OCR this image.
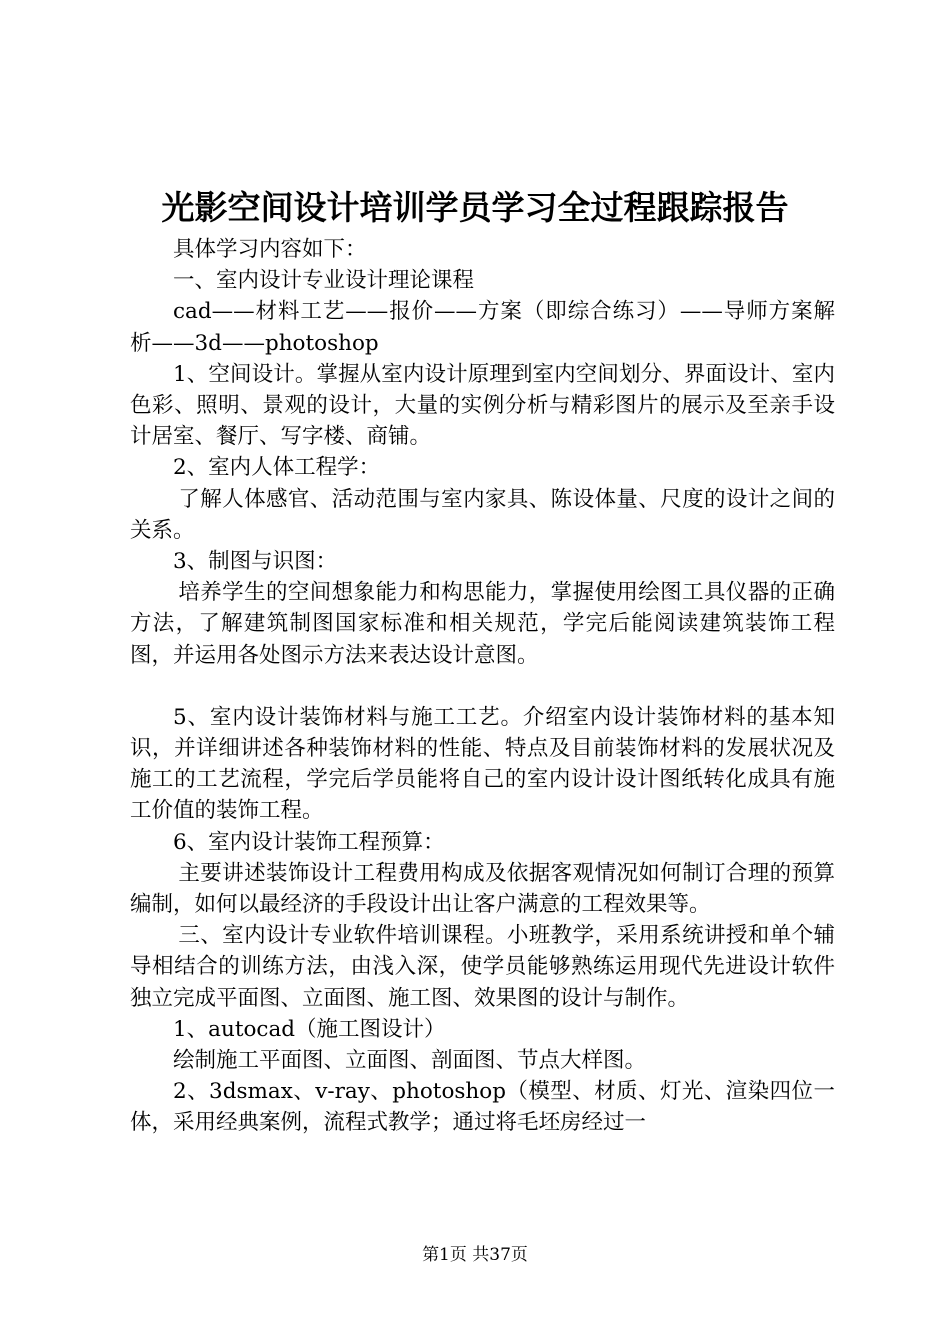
光影空间设计培训学员学习全过程跟踪报告

具体学习内容如下：

一、室内设计专业设计理论课程

cad——材料工艺——报价——方案（即综合练习）——导师方案解析——3d——photoshop

1、空间设计。掌握从室内设计原理到室内空间划分、界面设计、室内色彩、照明、景观的设计，大量的实例分析与精彩图片的展示及至亲手设计居室、餐厅、写字楼、商铺。

2、室内人体工程学：

了解人体感官、活动范围与室内家具、陈设体量、尺度的设计之间的关系。

3、制图与识图：

培养学生的空间想象能力和构思能力，掌握使用绘图工具仪器的正确方法，了解建筑制图国家标准和相关规范，学完后能阅读建筑装饰工程图，并运用各处图示方法来表达设计意图。

5、室内设计装饰材料与施工工艺。介绍室内设计装饰材料的基本知识，并详细讲述各种装饰材料的性能、特点及目前装饰材料的发展状况及施工的工艺流程，学完后学员能将自己的室内设计设计图纸转化成具有施工价值的装饰工程。

6、室内设计装饰工程预算：

主要讲述装饰设计工程费用构成及依据客观情况如何制订合理的预算编制，如何以最经济的手段设计出让客户满意的工程效果等。

三、室内设计专业软件培训课程。小班教学，采用系统讲授和单个辅导相结合的训练方法，由浅入深，使学员能够熟练运用现代先进设计软件独立完成平面图、立面图、施工图、效果图的设计与制作。

1、autocad（施工图设计）

绘制施工平面图、立面图、剖面图、节点大样图。

2、3dsmax、v-ray、photoshop（模型、材质、灯光、渲染四位一体，采用经典案例，流程式教学；通过将毛坯房经过一

第1页 共37页
